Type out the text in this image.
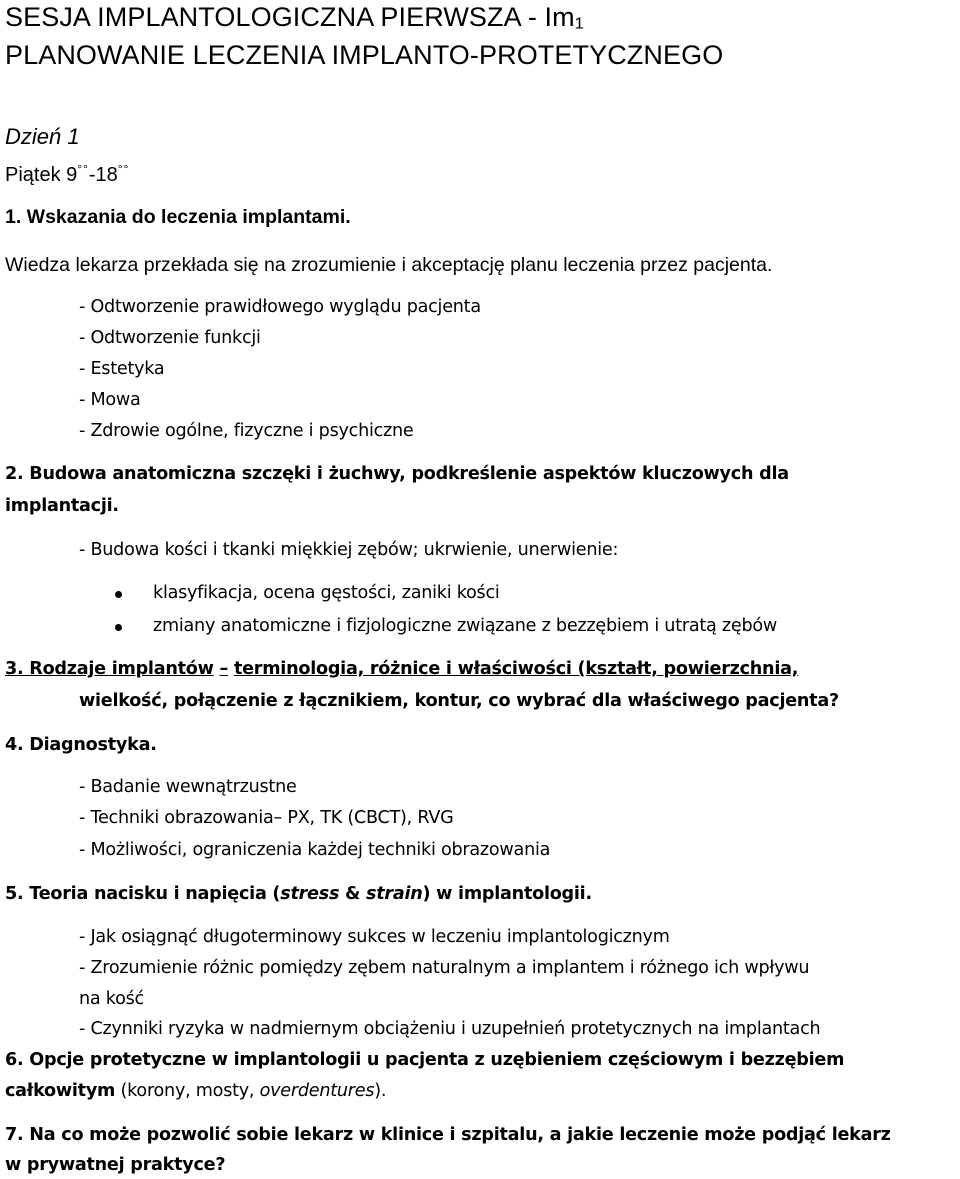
SESJA IMPLANTOLOGICZNA PIERWSZA - Im₁
PLANOWANIE LECZENIA IMPLANTO-PROTETYCZNEGO
Dzień 1
Piątek 9°°-18°°
1. Wskazania do leczenia implantami.
Wiedza lekarza przekłada się na zrozumienie i akceptację planu leczenia przez pacjenta.
- Odtworzenie prawidłowego wyglądu pacjenta
- Odtworzenie funkcji
- Estetyka
- Mowa
- Zdrowie ogólne, fizyczne i psychiczne
2. Budowa anatomiczna szczęki i żuchwy, podkreślenie aspektów kluczowych dla
implantacji.
- Budowa kości i tkanki miękkiej zębów; ukrwienie, unerwienie:
klasyfikacja, ocena gęstości, zaniki kości
zmiany anatomiczne i fizjologiczne związane z bezzębiem i utratą zębów
3. Rodzaje implantów – terminologia, różnice i właściwości (kształt, powierzchnia,
wielkość, połączenie z łącznikiem, kontur, co wybrać dla właściwego pacjenta?
4. Diagnostyka.
- Badanie wewnątrzustne
- Techniki obrazowania– PX, TK (CBCT), RVG
- Możliwości, ograniczenia każdej techniki obrazowania
5. Teoria nacisku i napięcia (stress & strain) w implantologii.
- Jak osiągnąć długoterminowy sukces w leczeniu implantologicznym
- Zrozumienie różnic pomiędzy zębem naturalnym a implantem i różnego ich wpływu
na kość
- Czynniki ryzyka w nadmiernym obciążeniu i uzupełnień protetycznych na implantach
6. Opcje protetyczne w implantologii u pacjenta z uzębieniem częściowym i bezzębiem
całkowitym (korony, mosty, overdentures).
7. Na co może pozwolić sobie lekarz w klinice i szpitalu, a jakie leczenie może podjąć lekarz
w prywatnej praktyce?
